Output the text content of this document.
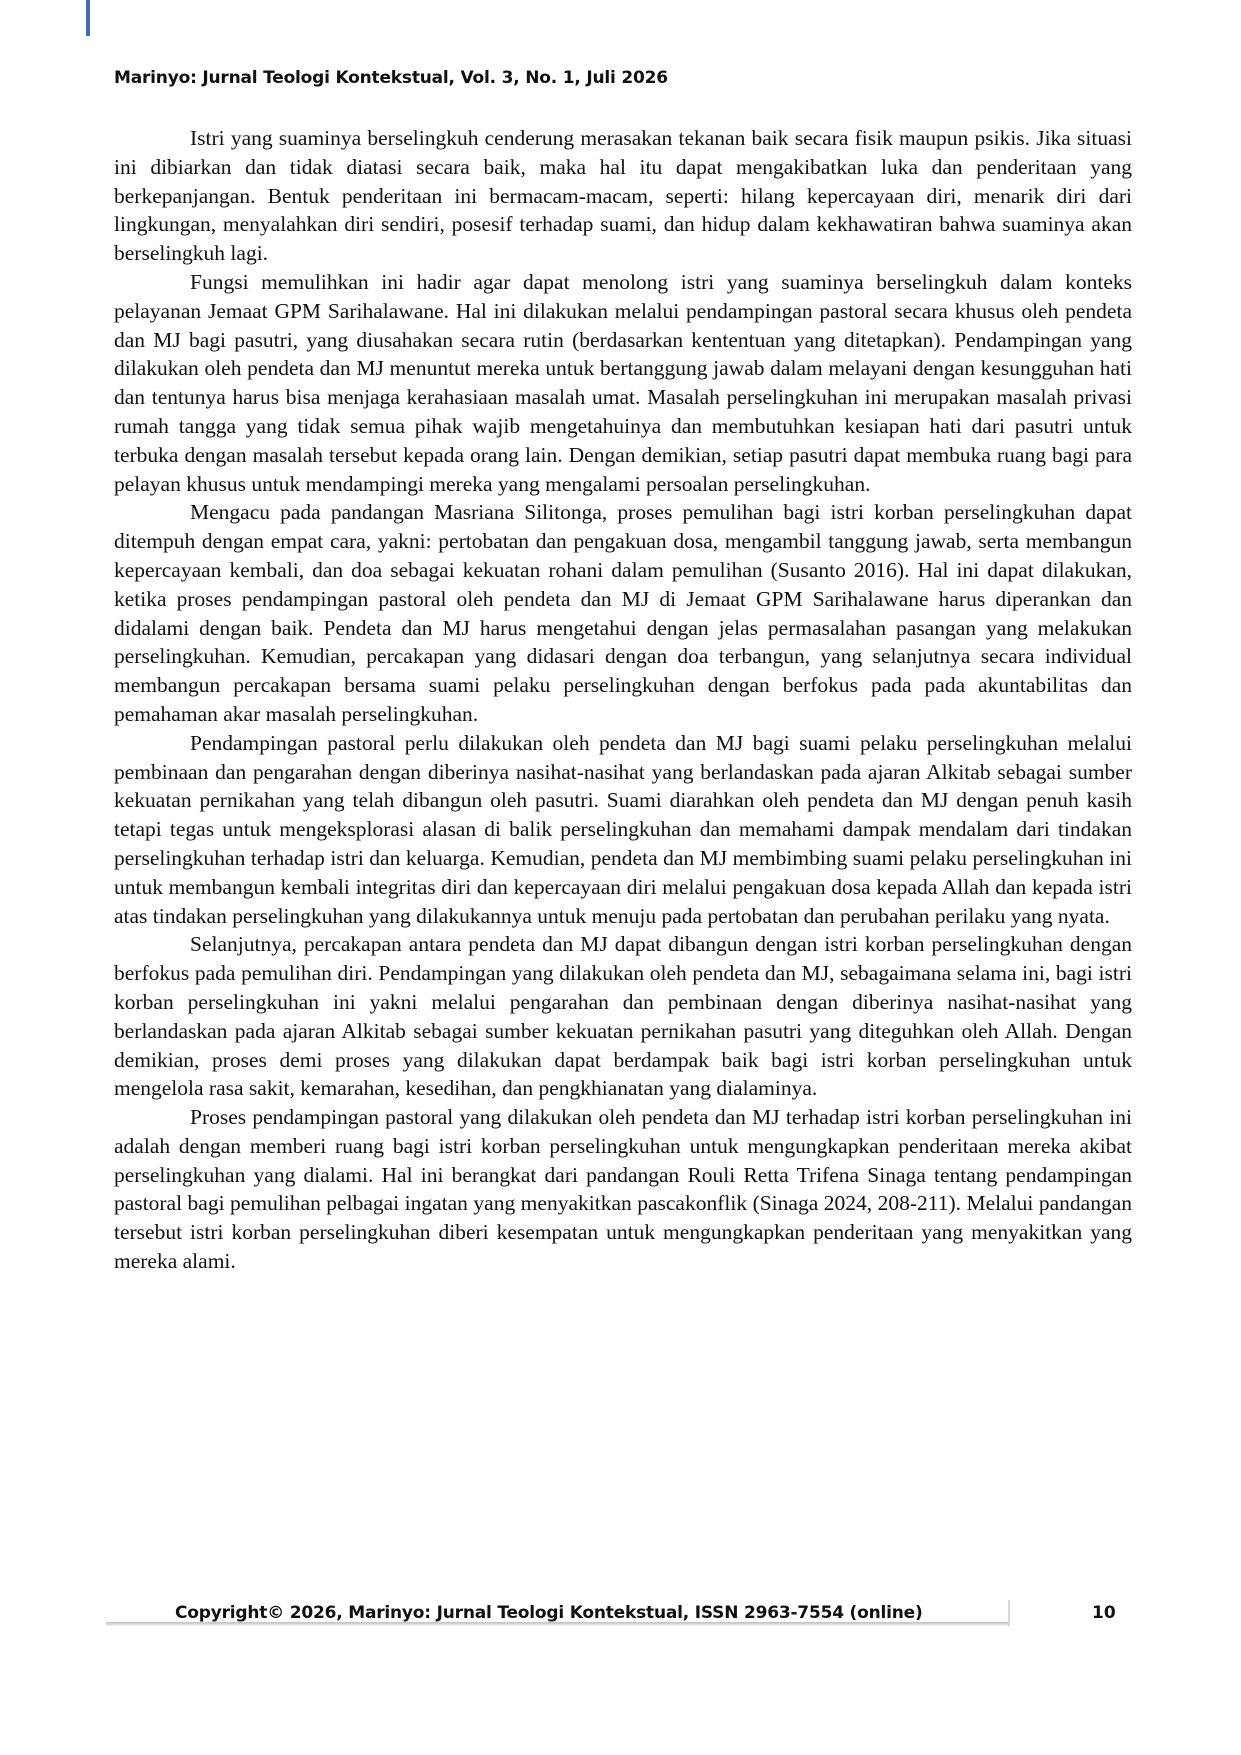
Marinyo: Jurnal Teologi Kontekstual, Vol. 3, No. 1, Juli 2026

Istri yang suaminya berselingkuh cenderung merasakan tekanan baik secara fisik maupun psikis. Jika situasi ini dibiarkan dan tidak diatasi secara baik, maka hal itu dapat mengakibatkan luka dan penderitaan yang berkepanjangan. Bentuk penderitaan ini bermacam-macam, seperti: hilang kepercayaan diri, menarik diri dari lingkungan, menyalahkan diri sendiri, posesif terhadap suami, dan hidup dalam kekhawatiran bahwa suaminya akan berselingkuh lagi.

Fungsi memulihkan ini hadir agar dapat menolong istri yang suaminya berselingkuh dalam konteks pelayanan Jemaat GPM Sarihalawane. Hal ini dilakukan melalui pendampingan pastoral secara khusus oleh pendeta dan MJ bagi pasutri, yang diusahakan secara rutin (berdasarkan kententuan yang ditetapkan). Pendampingan yang dilakukan oleh pendeta dan MJ menuntut mereka untuk bertanggung jawab dalam melayani dengan kesungguhan hati dan tentunya harus bisa menjaga kerahasiaan masalah umat. Masalah perselingkuhan ini merupakan masalah privasi rumah tangga yang tidak semua pihak wajib mengetahuinya dan membutuhkan kesiapan hati dari pasutri untuk terbuka dengan masalah tersebut kepada orang lain. Dengan demikian, setiap pasutri dapat membuka ruang bagi para pelayan khusus untuk mendampingi mereka yang mengalami persoalan perselingkuhan.

Mengacu pada pandangan Masriana Silitonga, proses pemulihan bagi istri korban perselingkuhan dapat ditempuh dengan empat cara, yakni: pertobatan dan pengakuan dosa, mengambil tanggung jawab, serta membangun kepercayaan kembali, dan doa sebagai kekuatan rohani dalam pemulihan (Susanto 2016). Hal ini dapat dilakukan, ketika proses pendampingan pastoral oleh pendeta dan MJ di Jemaat GPM Sarihalawane harus diperankan dan didalami dengan baik. Pendeta dan MJ harus mengetahui dengan jelas permasalahan pasangan yang melakukan perselingkuhan. Kemudian, percakapan yang didasari dengan doa terbangun, yang selanjutnya secara individual membangun percakapan bersama suami pelaku perselingkuhan dengan berfokus pada pada akuntabilitas dan pemahaman akar masalah perselingkuhan.

Pendampingan pastoral perlu dilakukan oleh pendeta dan MJ bagi suami pelaku perselingkuhan melalui pembinaan dan pengarahan dengan diberinya nasihat-nasihat yang berlandaskan pada ajaran Alkitab sebagai sumber kekuatan pernikahan yang telah dibangun oleh pasutri. Suami diarahkan oleh pendeta dan MJ dengan penuh kasih tetapi tegas untuk mengeksplorasi alasan di balik perselingkuhan dan memahami dampak mendalam dari tindakan perselingkuhan terhadap istri dan keluarga. Kemudian, pendeta dan MJ membimbing suami pelaku perselingkuhan ini untuk membangun kembali integritas diri dan kepercayaan diri melalui pengakuan dosa kepada Allah dan kepada istri atas tindakan perselingkuhan yang dilakukannya untuk menuju pada pertobatan dan perubahan perilaku yang nyata.

Selanjutnya, percakapan antara pendeta dan MJ dapat dibangun dengan istri korban perselingkuhan dengan berfokus pada pemulihan diri. Pendampingan yang dilakukan oleh pendeta dan MJ, sebagaimana selama ini, bagi istri korban perselingkuhan ini yakni melalui pengarahan dan pembinaan dengan diberinya nasihat-nasihat yang berlandaskan pada ajaran Alkitab sebagai sumber kekuatan pernikahan pasutri yang diteguhkan oleh Allah. Dengan demikian, proses demi proses yang dilakukan dapat berdampak baik bagi istri korban perselingkuhan untuk mengelola rasa sakit, kemarahan, kesedihan, dan pengkhianatan yang dialaminya.

Proses pendampingan pastoral yang dilakukan oleh pendeta dan MJ terhadap istri korban perselingkuhan ini adalah dengan memberi ruang bagi istri korban perselingkuhan untuk mengungkapkan penderitaan mereka akibat perselingkuhan yang dialami. Hal ini berangkat dari pandangan Rouli Retta Trifena Sinaga tentang pendampingan pastoral bagi pemulihan pelbagai ingatan yang menyakitkan pascakonflik (Sinaga 2024, 208-211). Melalui pandangan tersebut istri korban perselingkuhan diberi kesempatan untuk mengungkapkan penderitaan yang menyakitkan yang mereka alami.

Copyright© 2026, Marinyo: Jurnal Teologi Kontekstual, ISSN 2963-7554 (online)	10
